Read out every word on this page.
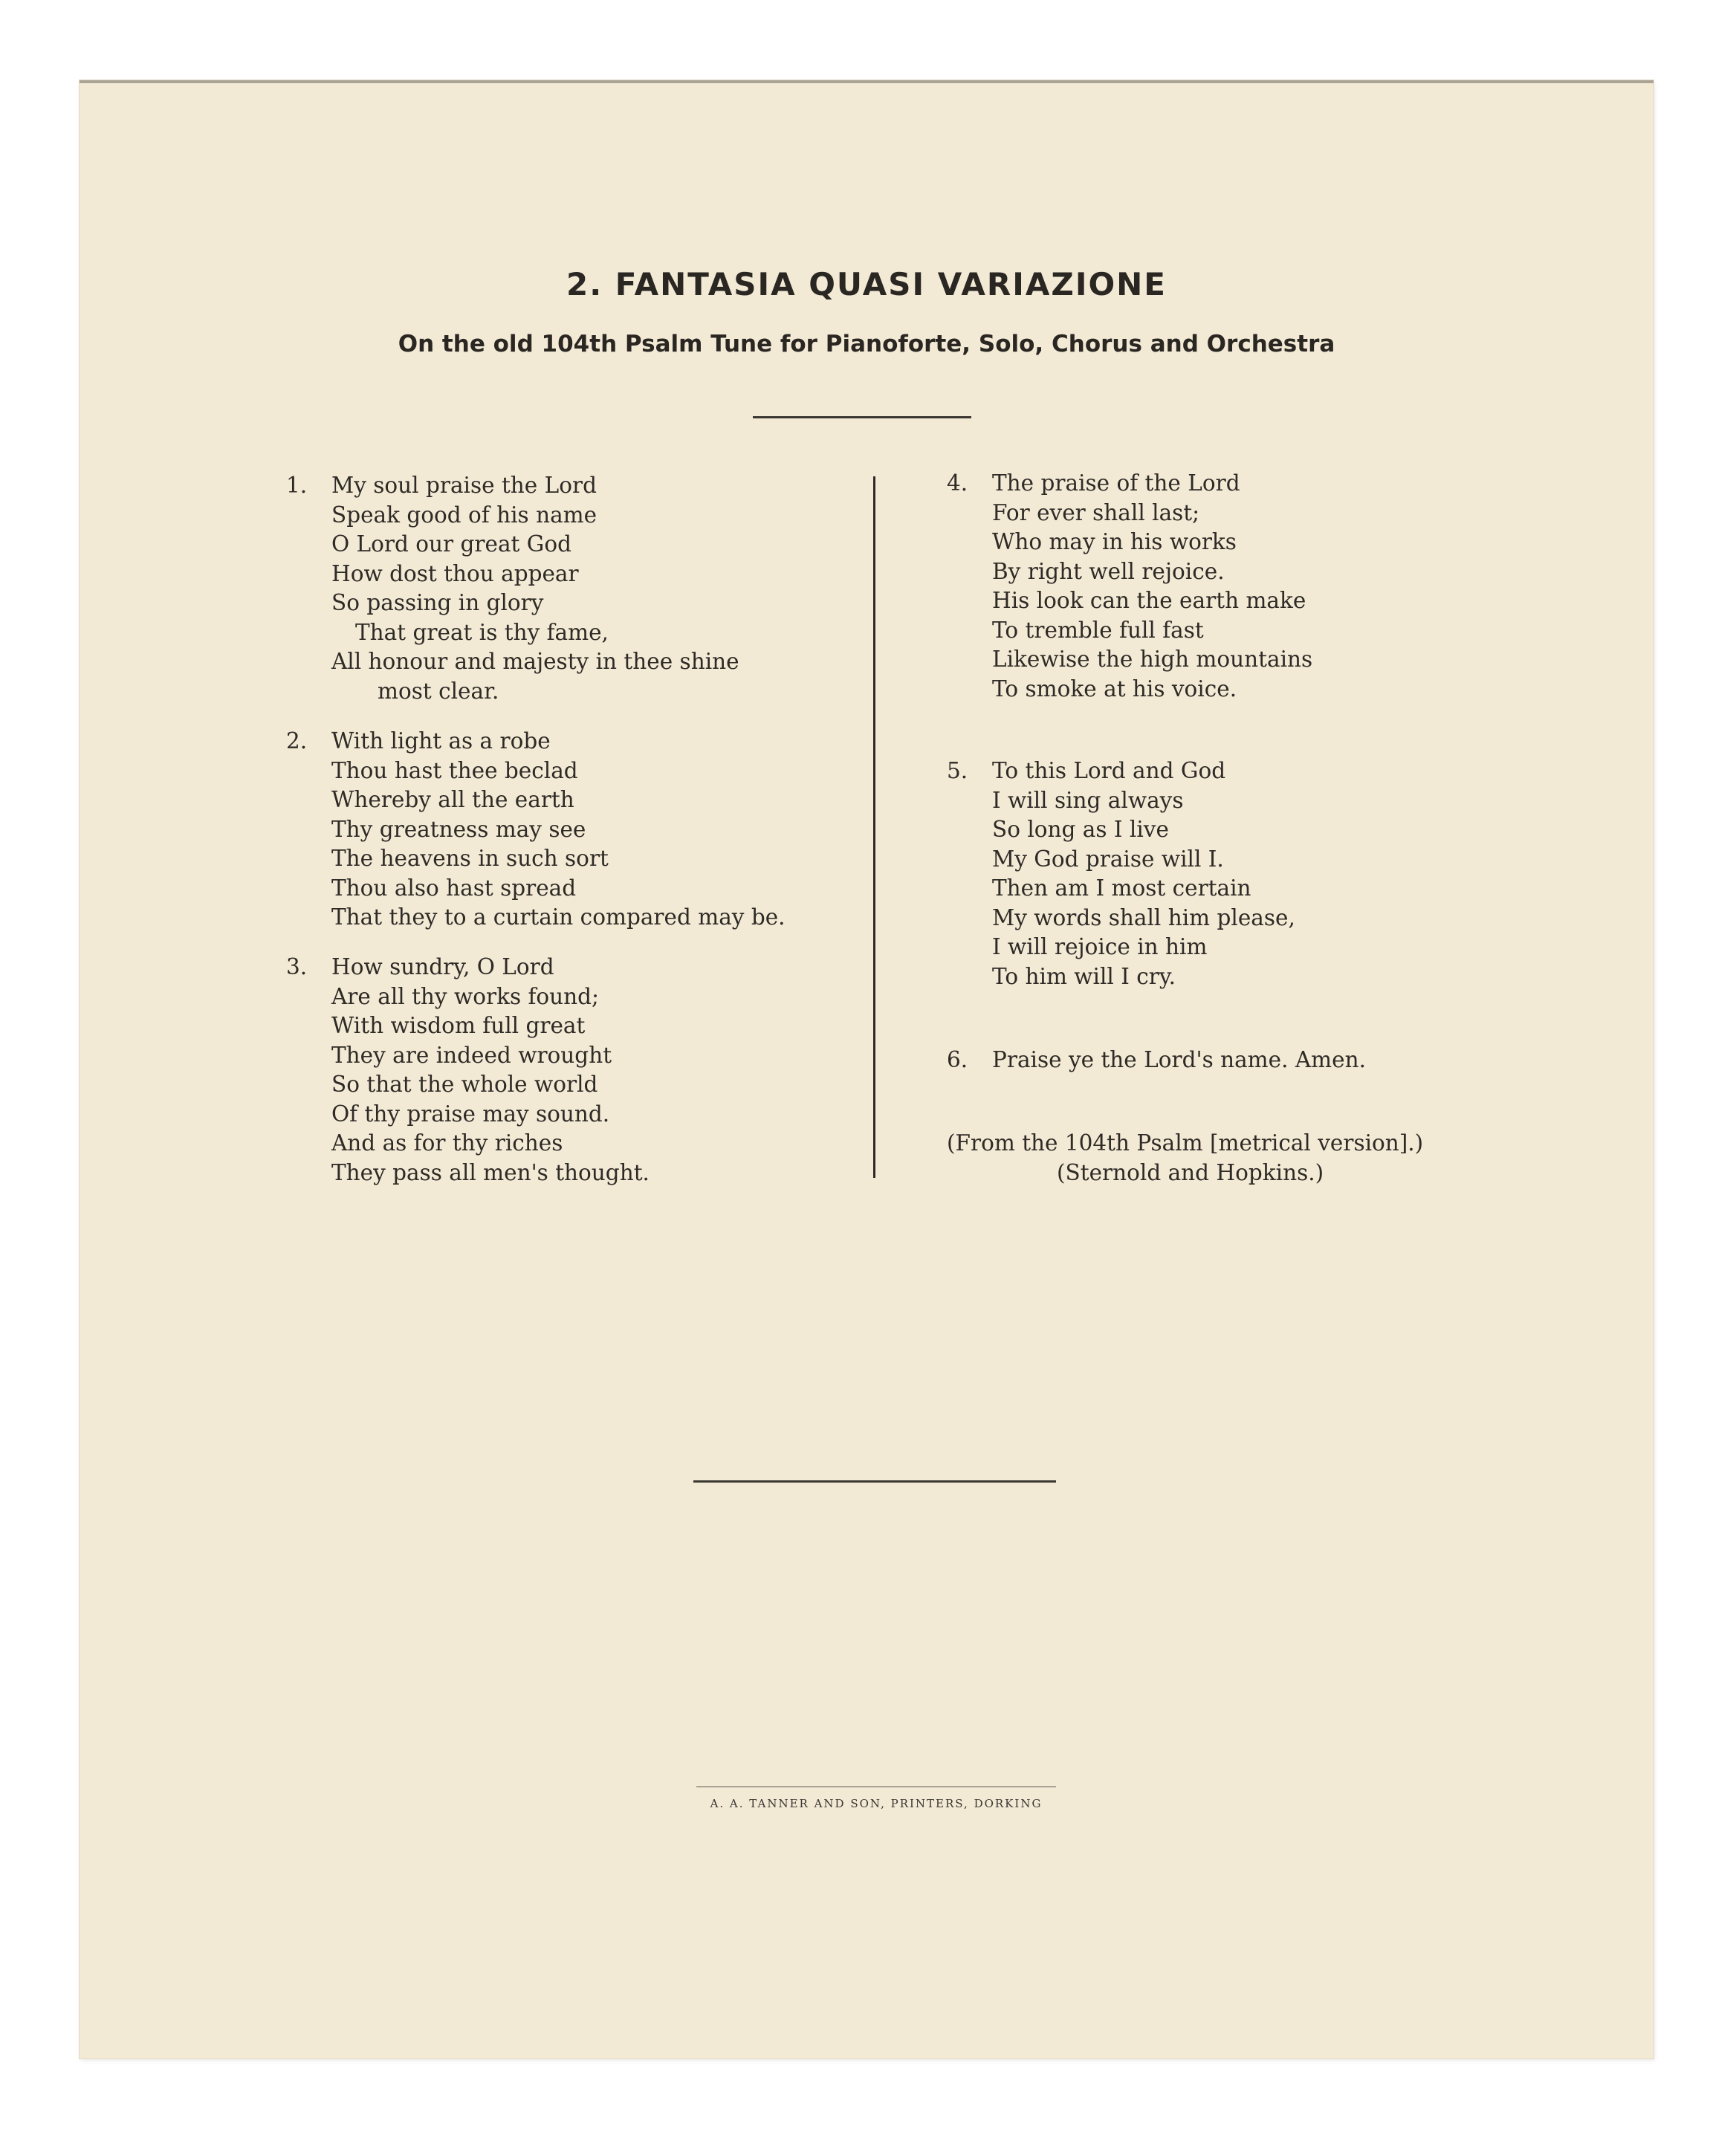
2. FANTASIA QUASI VARIAZIONE
On the old 104th Psalm Tune for Pianoforte, Solo, Chorus and Orchestra
1. My soul praise the Lord
Speak good of his name
O Lord our great God
How dost thou appear
So passing in glory
That great is thy fame,
All honour and majesty in thee shine
most clear.
2. With light as a robe
Thou hast thee beclad
Whereby all the earth
Thy greatness may see
The heavens in such sort
Thou also hast spread
That they to a curtain compared may be.
3. How sundry, O Lord
Are all thy works found;
With wisdom full great
They are indeed wrought
So that the whole world
Of thy praise may sound.
And as for thy riches
They pass all men's thought.
4. The praise of the Lord
For ever shall last;
Who may in his works
By right well rejoice.
His look can the earth make
To tremble full fast
Likewise the high mountains
To smoke at his voice.
5. To this Lord and God
I will sing always
So long as I live
My God praise will I.
Then am I most certain
My words shall him please,
I will rejoice in him
To him will I cry.
6. Praise ye the Lord's name. Amen.
(From the 104th Psalm [metrical version].)
(Sternold and Hopkins.)
A. A. TANNER AND SON, PRINTERS, DORKING
